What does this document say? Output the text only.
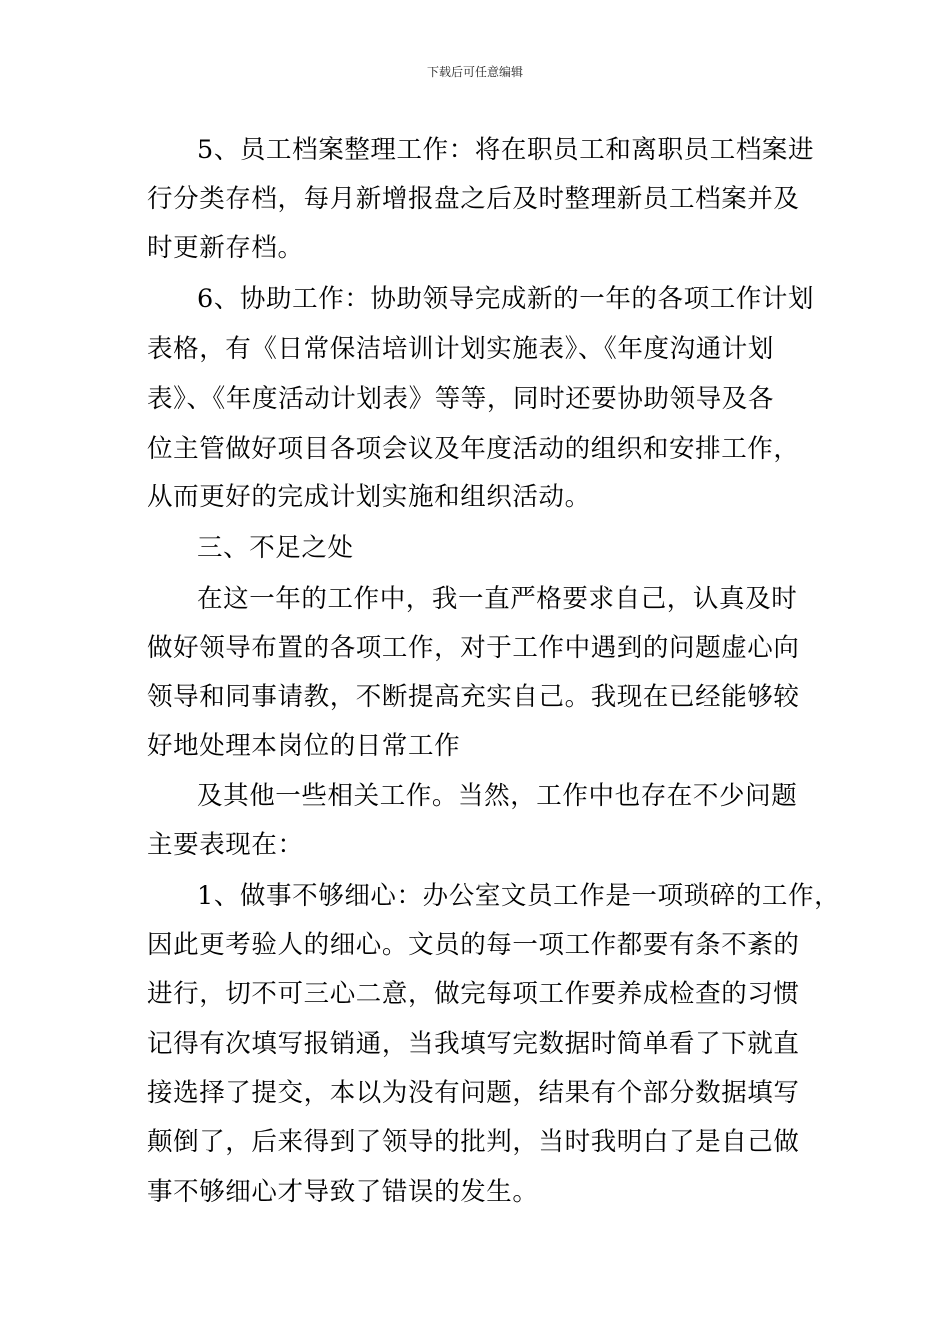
下载后可任意编辑
5、员工档案整理工作：将在职员工和离职员工档案进
行分类存档，每月新增报盘之后及时整理新员工档案并及
时更新存档。
6、协助工作：协助领导完成新的一年的各项工作计划
表格，有《日常保洁培训计划实施表》、《年度沟通计划
表》、《年度活动计划表》等等，同时还要协助领导及各
位主管做好项目各项会议及年度活动的组织和安排工作，
从而更好的完成计划实施和组织活动。
三、不足之处
在这一年的工作中，我一直严格要求自己，认真及时
做好领导布置的各项工作，对于工作中遇到的问题虚心向
领导和同事请教，不断提高充实自己。我现在已经能够较
好地处理本岗位的日常工作
及其他一些相关工作。当然，工作中也存在不少问题
主要表现在：
1、做事不够细心：办公室文员工作是一项琐碎的工作，
因此更考验人的细心。文员的每一项工作都要有条不紊的
进行，切不可三心二意，做完每项工作要养成检查的习惯
记得有次填写报销通，当我填写完数据时简单看了下就直
接选择了提交，本以为没有问题，结果有个部分数据填写
颠倒了，后来得到了领导的批判，当时我明白了是自己做
事不够细心才导致了错误的发生。
